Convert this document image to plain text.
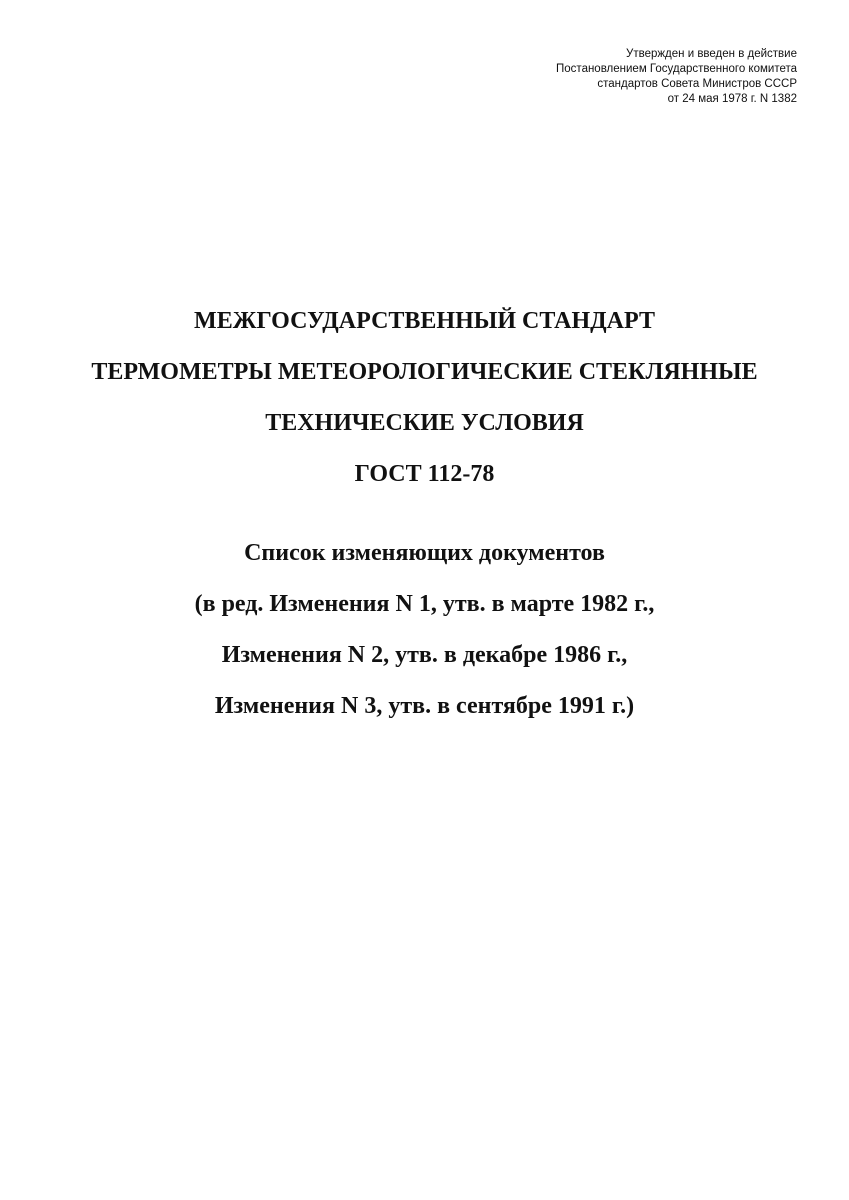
Утвержден и введен в действие
Постановлением Государственного комитета
стандартов Совета Министров СССР
от 24 мая 1978 г. N 1382
МЕЖГОСУДАРСТВЕННЫЙ СТАНДАРТ
ТЕРМОМЕТРЫ МЕТЕОРОЛОГИЧЕСКИЕ СТЕКЛЯННЫЕ
ТЕХНИЧЕСКИЕ УСЛОВИЯ
ГОСТ 112-78
Список изменяющих документов
(в ред. Изменения N 1, утв. в марте 1982 г.,
Изменения N 2, утв. в декабре 1986 г.,
Изменения N 3, утв. в сентябре 1991 г.)
